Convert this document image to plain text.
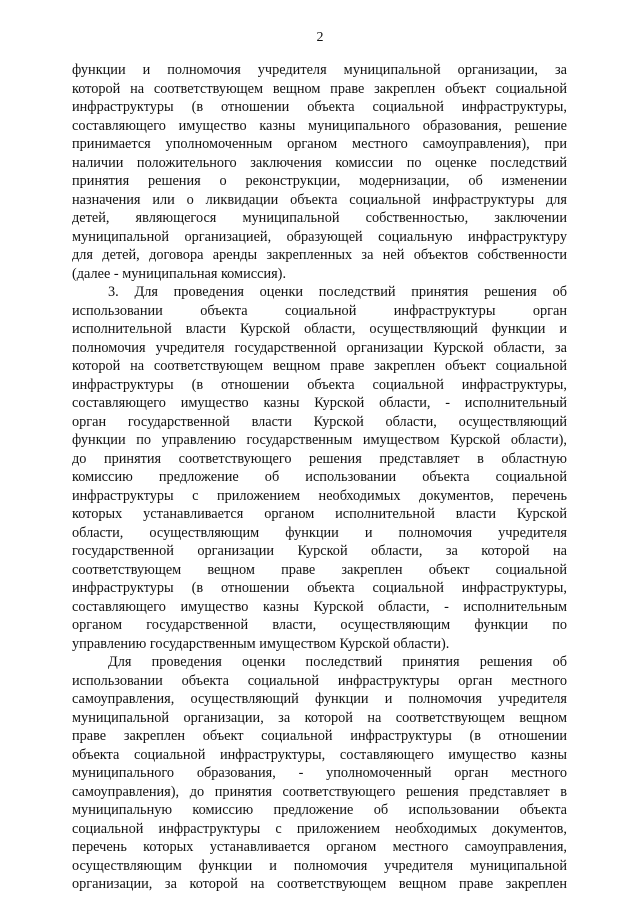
2
функции и полномочия учредителя муниципальной организации, за
которой на соответствующем вещном праве закреплен объект социальной
инфраструктуры (в отношении объекта социальной инфраструктуры,
составляющего имущество казны муниципального образования, решение
принимается уполномоченным органом местного самоуправления), при
наличии положительного заключения комиссии по оценке последствий
принятия решения о реконструкции, модернизации, об изменении
назначения или о ликвидации объекта социальной инфраструктуры для
детей, являющегося муниципальной собственностью, заключении
муниципальной организацией, образующей социальную инфраструктуру
для детей, договора аренды закрепленных за ней объектов собственности
(далее - муниципальная комиссия).
3. Для проведения оценки последствий принятия решения об
использовании объекта социальной инфраструктуры орган
исполнительной власти Курской области, осуществляющий функции и
полномочия учредителя государственной организации Курской области, за
которой на соответствующем вещном праве закреплен объект социальной
инфраструктуры (в отношении объекта социальной инфраструктуры,
составляющего имущество казны Курской области, - исполнительный
орган государственной власти Курской области, осуществляющий
функции по управлению государственным имуществом Курской области),
до принятия соответствующего решения представляет в областную
комиссию предложение об использовании объекта социальной
инфраструктуры с приложением необходимых документов, перечень
которых устанавливается органом исполнительной власти Курской
области, осуществляющим функции и полномочия учредителя
государственной организации Курской области, за которой на
соответствующем вещном праве закреплен объект социальной
инфраструктуры (в отношении объекта социальной инфраструктуры,
составляющего имущество казны Курской области, - исполнительным
органом государственной власти, осуществляющим функции по
управлению государственным имуществом Курской области).
Для проведения оценки последствий принятия решения об
использовании объекта социальной инфраструктуры орган местного
самоуправления, осуществляющий функции и полномочия учредителя
муниципальной организации, за которой на соответствующем вещном
праве закреплен объект социальной инфраструктуры (в отношении
объекта социальной инфраструктуры, составляющего имущество казны
муниципального образования, - уполномоченный орган местного
самоуправления), до принятия соответствующего решения представляет в
муниципальную комиссию предложение об использовании объекта
социальной инфраструктуры с приложением необходимых документов,
перечень которых устанавливается органом местного самоуправления,
осуществляющим функции и полномочия учредителя муниципальной
организации, за которой на соответствующем вещном праве закреплен
